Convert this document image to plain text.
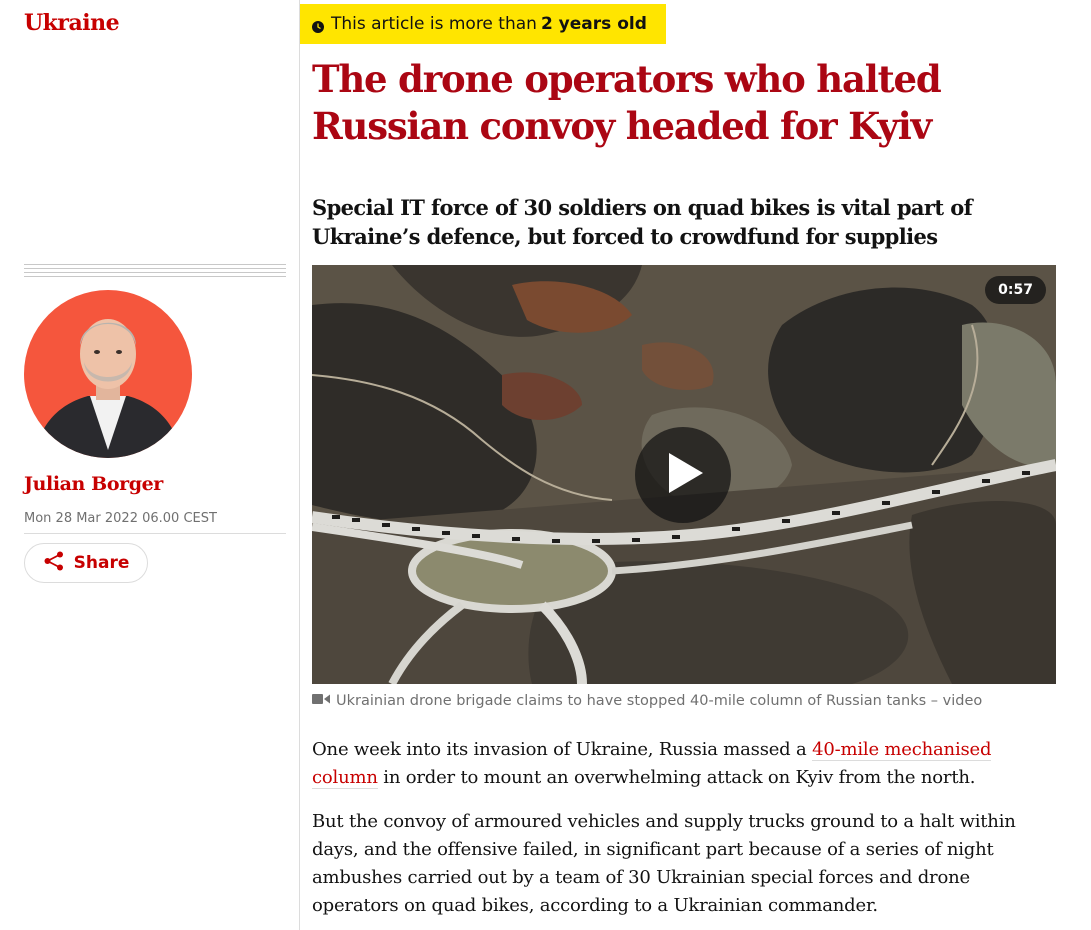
Ukraine
Julian Borger
Mon 28 Mar 2022 06.00 CEST
Share
This article is more than 2 years old
The drone operators who halted Russian convoy headed for Kyiv

Special IT force of 30 soldiers on quad bikes is vital part of Ukraine’s defence, but forced to crowdfund for supplies

0:57
Ukrainian drone brigade claims to have stopped 40-mile column of Russian tanks – video

One week into its invasion of Ukraine, Russia massed a 40-mile mechanised column in order to mount an overwhelming attack on Kyiv from the north.

But the convoy of armoured vehicles and supply trucks ground to a halt within days, and the offensive failed, in significant part because of a series of night ambushes carried out by a team of 30 Ukrainian special forces and drone operators on quad bikes, according to a Ukrainian commander.
